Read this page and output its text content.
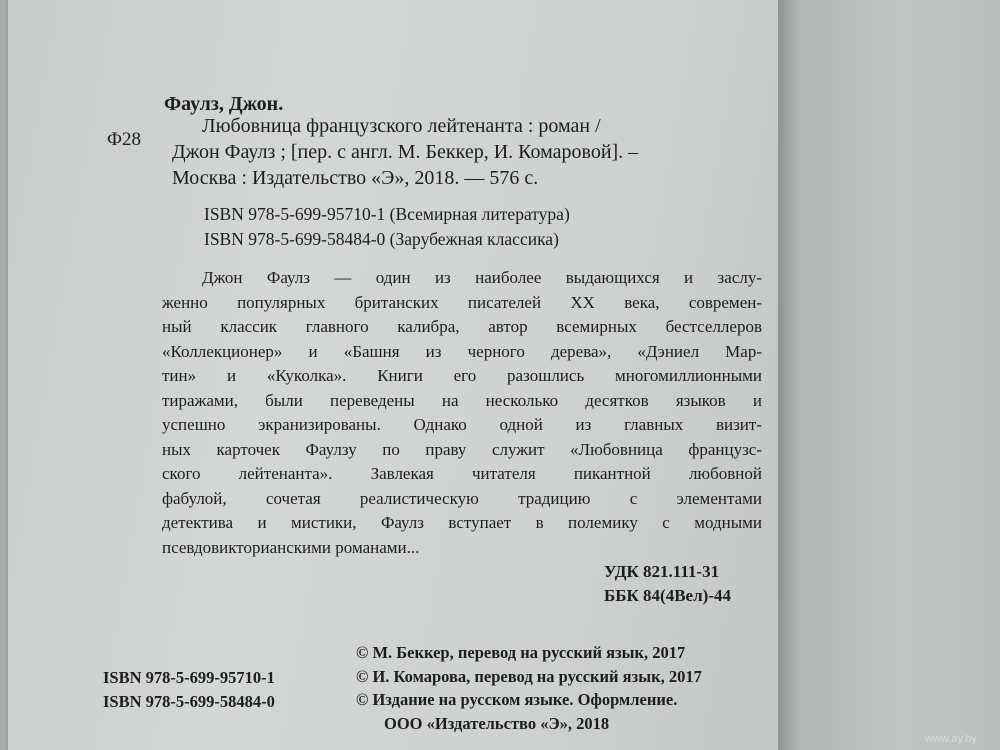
Фаулз, Джон.

Ф28

Любовница французского лейтенанта : роман /
Джон Фаулз ; [пер. с англ. М. Беккер, И. Комаровой]. –
Москва : Издательство «Э», 2018. — 576 с.
ISBN 978-5-699-95710-1 (Всемирная литература)
ISBN 978-5-699-58484-0 (Зарубежная классика)
Джон Фаулз — один из наиболее выдающихся и заслу-
женно популярных британских писателей XX века, современ-
ный классик главного калибра, автор всемирных бестселлеров
«Коллекционер» и «Башня из черного дерева», «Дэниел Мар-
тин» и «Куколка». Книги его разошлись многомиллионными
тиражами, были переведены на несколько десятков языков и
успешно экранизированы. Однако одной из главных визит-
ных карточек Фаулзу по праву служит «Любовница французс-
ского лейтенанта». Завлекая читателя пикантной любовной
фабулой, сочетая реалистическую традицию с элементами
детектива и мистики, Фаулз вступает в полемику с модными
псевдовикторианскими романами...
УДК 821.111-31
ББК 84(4Вел)-44
ISBN 978-5-699-95710-1
ISBN 978-5-699-58484-0
© М. Беккер, перевод на русский язык, 2017
© И. Комарова, перевод на русский язык, 2017
© Издание на русском языке. Оформление.
ООО «Издательство «Э», 2018
www.ay.by
